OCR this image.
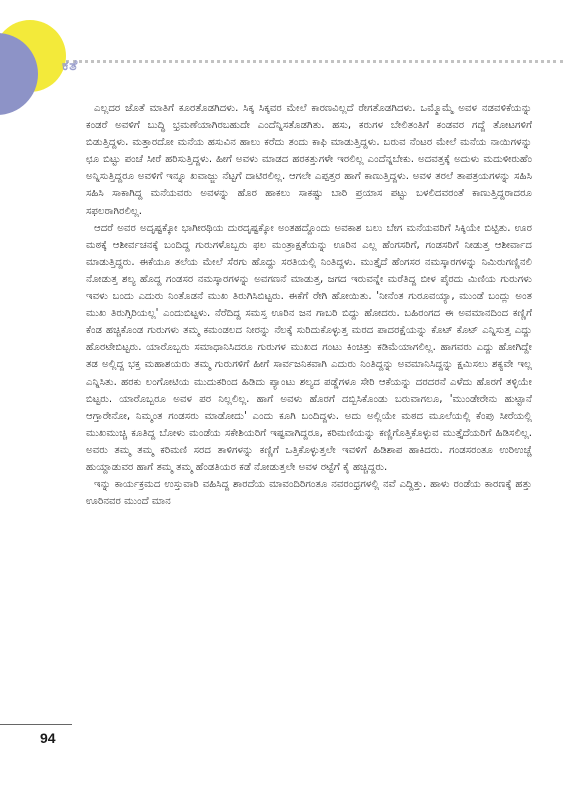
ಕತೆ

ಎಲ್ಲದರ ಜೊತೆ ಮಾತಿಗೆ ಕೂರತೊಡಗಿದಳು. ಸಿಕ್ಕ ಸಿಕ್ಕವರ ಮೇಲೆ ಕಾರಣವಿಲ್ಲದೆ ರೇಗತೊಡಗಿದಳು. ಒಮ್ಮೊಮ್ಮೆ ಅವಳ ನಡವಳಿಕೆಯನ್ನು ಕಂಡರೆ ಅವಳಿಗೆ ಬುದ್ಧಿ ಭ್ರಮಣೆಯಾಗಿರಬಹುದೇ ಎಂದೆನ್ನಿಸತೊಡಗಿತು. ಹಸು, ಕರುಗಳ ಬೇಲಿತಂತಿಗೆ ಕಂಡವರ ಗದ್ದೆ ತೋಟಗಳಿಗೆ ಬಿಡುತ್ತಿದ್ದಳು. ಮತ್ತಾರದೋ ಮನೆಯ ಹಸುವಿನ ಹಾಲು ಕರೆದು ತಂದು ಕಾಫಿ ಮಾಡುತ್ತಿದ್ದಳು. ಬರುವ ನೆಂಟರ ಮೇಲೆ ಮನೆಯ ನಾಯಿಗಳನ್ನು ಛೂ ಬಿಟ್ಟು ಪಂಚೆ ಸೀರೆ ಹರಿಸುತ್ತಿದ್ದಳು. ಹೀಗೆ ಅವಳು ಮಾಡದ ಹರಕತ್ತುಗಳೇ ಇರಲಿಲ್ಲ ಎಂದೆನ್ನಬೇಕು. ಅದವತ್ತಕ್ಕೆ ಅದುಳು ಮದುಳೀರುಹೆಂ ಅನ್ನಿಸುತ್ತಿದ್ದರೂ ಅವಳಿಗೆ ಇನ್ನೂ ಖವಾಜ್ಜು ನೆಟ್ಟಗೆ ದಾಟಿರಲಿಲ್ಲ. ಆಗಲೇ ಎಪ್ಪತ್ತರ ಹಾಗೆ ಕಾಣುತ್ತಿದ್ದಳು. ಅವಳ ತರಲೆ ತಾಪತ್ರಯಗಳನ್ನು ಸಹಿಸಿ ಸಹಿಸಿ ಸಾಕಾಗಿದ್ದ ಮನೆಯವರು ಅವಳನ್ನು ಹೊರ ಹಾಕಲು ಸಾಕಷ್ಟು ಬಾರಿ ಪ್ರಯಾಸ ಪಟ್ಟು ಬಳಲಿದವರಂತೆ ಕಾಣುತ್ತಿದ್ದರಾದರೂ ಸಫಲರಾಗಿರಲಿಲ್ಲ.

ಆದರೆ ಅವರ ಅದೃಷ್ಟಕ್ಕೋ ಭಾಗೀರಥಿಯ ದುರದೃಷ್ಟಕ್ಕೋ ಅಂತಹದ್ದೊಂದು ಅವಕಾಶ ಬಲು ಬೇಗ ಮನೆಯವರಿಗೆ ಸಿಕ್ಕಿಯೇ ಬಿಟ್ಟಿತು. ಊರ ಮಠಕ್ಕೆ ಆಶೀರ್ವಚನಕ್ಕೆ ಬಂದಿದ್ದ ಗುರುಗಳೊಬ್ಬರು ಫಲ ಮಂತ್ರಾಕ್ಷತೆಯನ್ನು ಊರಿನ ಎಲ್ಲ ಹೆಂಗಸರಿಗೆ, ಗಂಡಸರಿಗೆ ನೀಡುತ್ತ ಆಶೀರ್ವಾದ ಮಾಡುತ್ತಿದ್ದರು. ಈಕೆಯೂ ತಲೆಯ ಮೇಲೆ ಸೆರಗು ಹೊದ್ದು ಸರತಿಯಲ್ಲಿ ನಿಂತಿದ್ದಳು. ಮುತ್ತೈದೆ ಹೆಂಗಸರ ನಮಸ್ಕಾರಗಳನ್ನು ನಿಮಿರುಗಣ್ಣಿನಲಿ ನೋಡುತ್ತ ಶಲ್ಯ ಹೊದ್ದ ಗಂಡಸರ ನಮಸ್ಕಾರಗಳನ್ನು ಅವಗಣನೆ ಮಾಡುತ್ತ, ಜಗದ ಇರುವನ್ನೇ ಮರೆತಿದ್ದ ಬೀಳ ಪೈರದು ಮಿಣಿಯ ಗುರುಗಳು ಇವಳು ಬಂದು ಎದುರು ನಿಂತೊಡನೆ ಮುಖ ತಿರುಗಿಸಿಬಿಟ್ಟರು. ಈಕೆಗೆ ರೇಗಿ ಹೋಯಿತು. 'ನೀನೆಂತ ಗುರೂವಯ್ಯಾ, ಮುಂಡೆ ಬಂದ್ಲು ಅಂತ ಮುಖ ತಿರುಗ್ಸಿರಿಯಲ್ಲ' ಎಂದುಬಿಟ್ಟಳು. ನೆರೆದಿದ್ದ ಸಮಸ್ತ ಊರಿನ ಜನ ಗಾಬರಿ ಬಿದ್ದು ಹೋದರು. ಬಹಿರಂಗದ ಈ ಅವಮಾನದಿಂದ ಕಣ್ಣಿಗೆ ಕೆಂಡ ಹಚ್ಚಿಕೊಂಡ ಗುರುಗಳು ತಮ್ಮ ಕಮಂಡಲದ ನೀರನ್ನು ನೆಲಕ್ಕೆ ಸುರಿದುಕೊಳ್ಳುತ್ತ ಮರದ ಪಾದರಕ್ಷೆಯನ್ನು ಕೊಟ್ ಕೊಟ್ ಎನ್ನಿಸುತ್ತ ಎದ್ದು ಹೊರಟೇಬಿಟ್ಟರು. ಯಾರೊಬ್ಬರು ಸಮಾಧಾನಿಸಿದರೂ ಗುರುಗಳ ಮುಖದ ಗಂಟು ಕಿಂಚಿತ್ತು ಕಡಿಮೆಯಾಗಲಿಲ್ಲ. ಹಾಗವರು ಎದ್ದು ಹೋಗಿದ್ದೇ ತಡ ಅಲ್ಲಿದ್ದ ಭಕ್ತ ಮಹಾಶಯರು ತಮ್ಮ ಗುರುಗಳಿಗೆ ಹೀಗೆ ಸಾರ್ವಜನಿಕವಾಗಿ ಎದುರು ನಿಂತಿದ್ದನ್ನು ಅವಮಾನಿಸಿದ್ದನ್ನು ಕ್ಷಮಿಸಲು ಶಕ್ಯವೇ ಇಲ್ಲ ಎನ್ನಿಸಿತು. ಹರಕು ಲಂಗೋಟಿಯ ಮುದುಕರಿಂದ ಹಿಡಿದು ಪ್ಯಾಂಟು ಶಲ್ಯದ ಪಡ್ಡೆಗಳೂ ಸೇರಿ ಆಕೆಯನ್ನು ದರದರನೆ ಎಳೆದು ಹೊರಗೆ ತಳ್ಳಿಯೇ ಬಿಟ್ಟರು. ಯಾರೊಬ್ಬರೂ ಅವಳ ಪರ ನಿಲ್ಲಲಿಲ್ಲ. ಹಾಗೆ ಅವಳು ಹೊರಗೆ ದಬ್ಬಿಸಿಕೊಂಡು ಬರುವಾಗಲೂ, 'ಮುಂಡೇರೇನು ಹುಟ್ಟಾನೆ ಆಗ್ತಾರೇನೋ, ನಿಮ್ಮಂತ ಗಂಡಸರು ಮಾಡೋದು' ಎಂದು ಕೂಗಿ ಬಂದಿದ್ದಳು. ಅದು ಅಲ್ಲಿಯೇ ಮಠದ ಮೂಲೆಯಲ್ಲಿ ಕೆಂಪು ಸೀರೆಯಲ್ಲಿ ಮುಖಮುಚ್ಚಿ ಕೂತಿದ್ದ ಬೋಳು ಮಂಡೆಯ ಸಕೇಶಿಯರಿಗೆ ಇಷ್ಟವಾಗಿದ್ದರೂ, ಕರಿಮಣಿಯನ್ನು ಕಣ್ಣಿಗೊತ್ತಿಕೊಳ್ಳುವ ಮುತ್ತೈದೆಯರಿಗೆ ಹಿಡಿಸಲಿಲ್ಲ. ಅವರು ತಮ್ಮ ತಮ್ಮ ಕರಿಮಣಿ ಸರದ ತಾಳಿಗಳನ್ನು ಕಣ್ಣಿಗೆ ಒತ್ತಿಕೊಳ್ಳುತ್ತಲೇ ಇವಳಿಗೆ ಹಿಡಿಶಾಪ ಹಾಕಿದರು. ಗಂಡಸರಂತೂ ಉರಿಉಚ್ಚೆ ಹುಯ್ದಾಡುವರ ಹಾಗೆ ತಮ್ಮ ತಮ್ಮ ಹೆಂಡತಿಯರ ಕಡೆ ನೋಡುತ್ತಲೇ ಅವಳ ರಟ್ಟೆಗೆ ಕೈ ಹಚ್ಚಿದ್ದರು.

ಇನ್ನು ಕಾರ್ಯಕ್ರಮದ ಉಸ್ತುವಾರಿ ವಹಿಸಿದ್ದ ಶಾರದೆಯ ಮಾವಂದಿರಿಗಂತೂ ನವರಂಧ್ರಗಳಲ್ಲಿ ನವೆ ಎದ್ದಿತ್ತು. ಹಾಳು ರಂಡೆಯ ಕಾರಣಕ್ಕೆ ಹತ್ತು ಊರಿನವರ ಮುಂದೆ ಮಾನ

94
